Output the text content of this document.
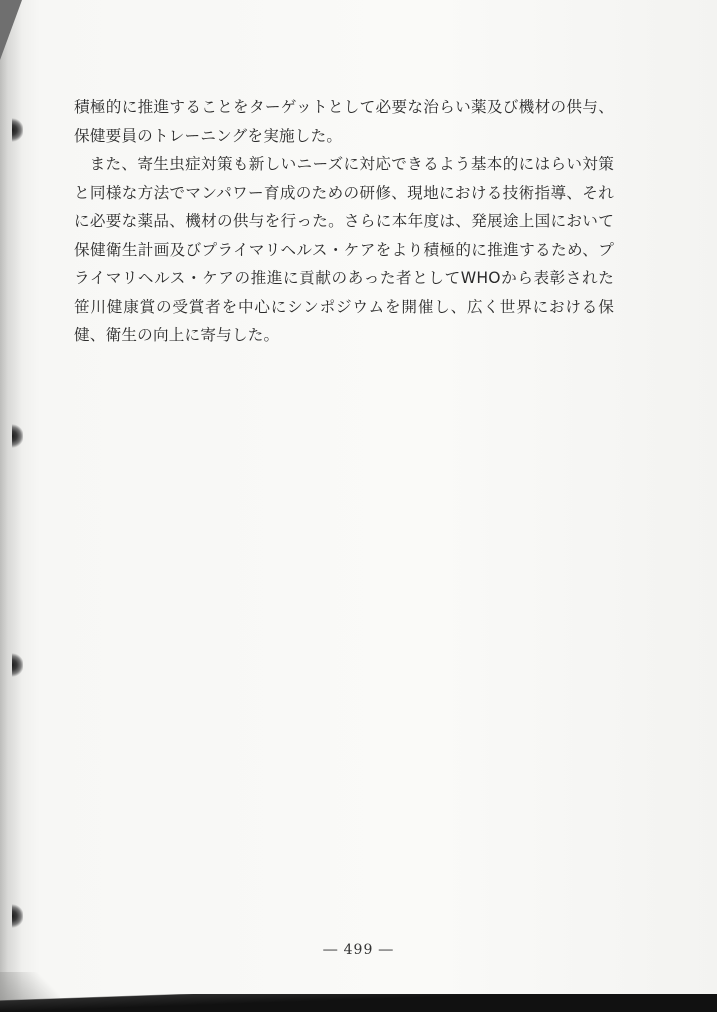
積極的に推進することをターゲットとして必要な治らい薬及び機材の供与、保健要員のトレーニングを実施した。

また、寄生虫症対策も新しいニーズに対応できるよう基本的にはらい対策と同様な方法でマンパワー育成のための研修、現地における技術指導、それに必要な薬品、機材の供与を行った。さらに本年度は、発展途上国において保健衛生計画及びプライマリヘルス・ケアをより積極的に推進するため、プライマリヘルス・ケアの推進に貢献のあった者としてWHOから表彰された笹川健康賞の受賞者を中心にシンポジウムを開催し、広く世界における保健、衛生の向上に寄与した。

― 499 ―
